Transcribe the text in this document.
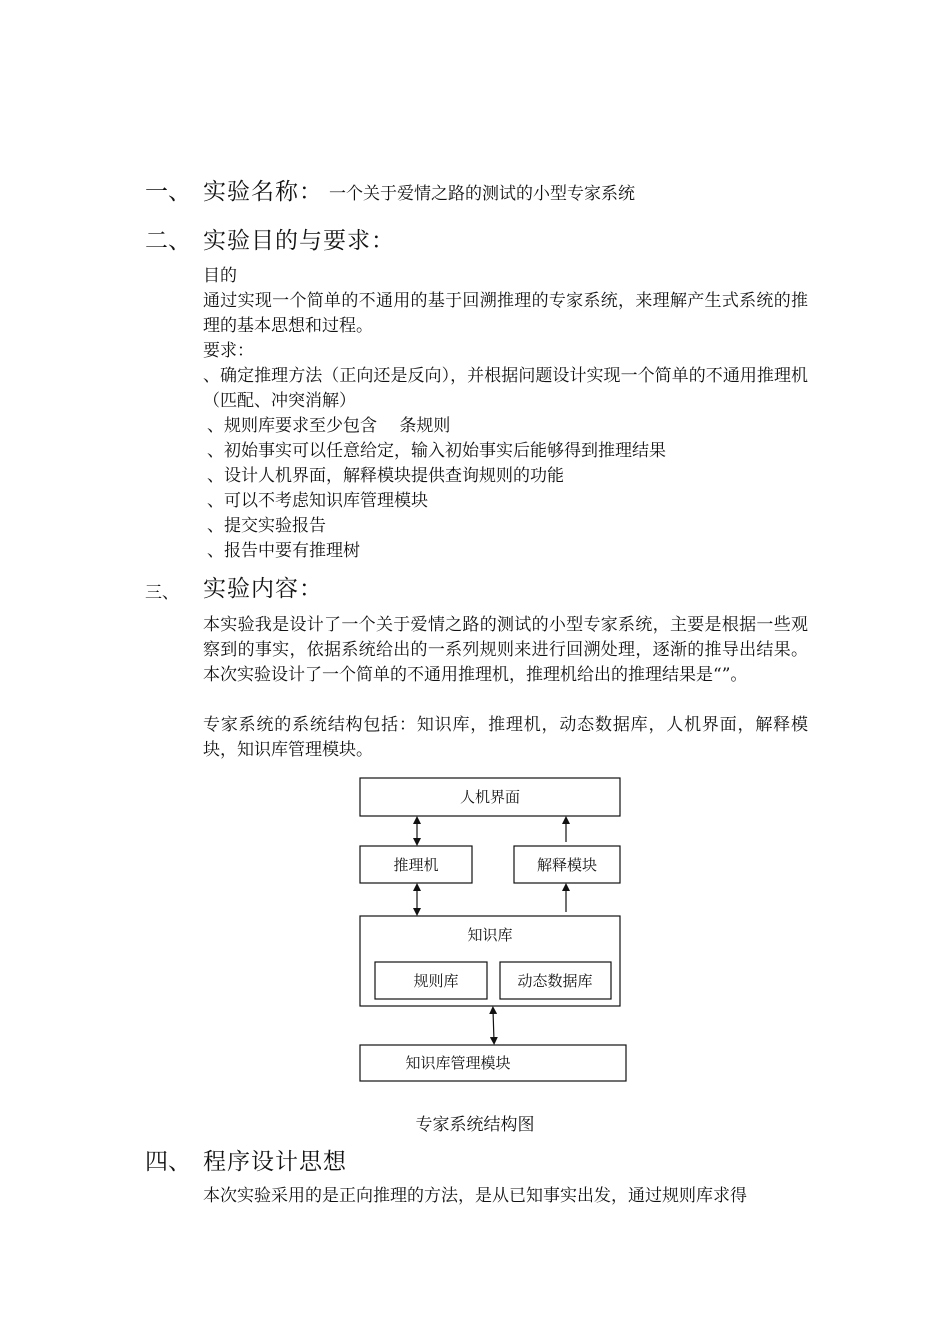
一、 实验名称： 一个关于爱情之路的测试的小型专家系统
二、 实验目的与要求：
目的
通过实现一个简单的不通用的基于回溯推理的专家系统，来理解产生式系统的推理的基本思想和过程。
要求：
、确定推理方法（正向还是反向），并根据问题设计实现一个简单的不通用推理机（匹配、冲突消解）
、规则库要求至少包含　 条规则
、初始事实可以任意给定，输入初始事实后能够得到推理结果
、设计人机界面，解释模块提供查询规则的功能
、可以不考虑知识库管理模块
、提交实验报告
、报告中要有推理树
三、 实验内容：
本实验我是设计了一个关于爱情之路的测试的小型专家系统，主要是根据一些观察到的事实，依据系统给出的一系列规则来进行回溯处理，逐渐的推导出结果。本次实验设计了一个简单的不通用推理机，推理机给出的推理结果是“”。
专家系统的系统结构包括：知识库，推理机，动态数据库，人机界面，解释模块，知识库管理模块。
人机界面
推理机	解释模块
知识库
规则库	动态数据库
知识库管理模块
专家系统结构图
四、 程序设计思想
本次实验采用的是正向推理的方法，是从已知事实出发，通过规则库求得
